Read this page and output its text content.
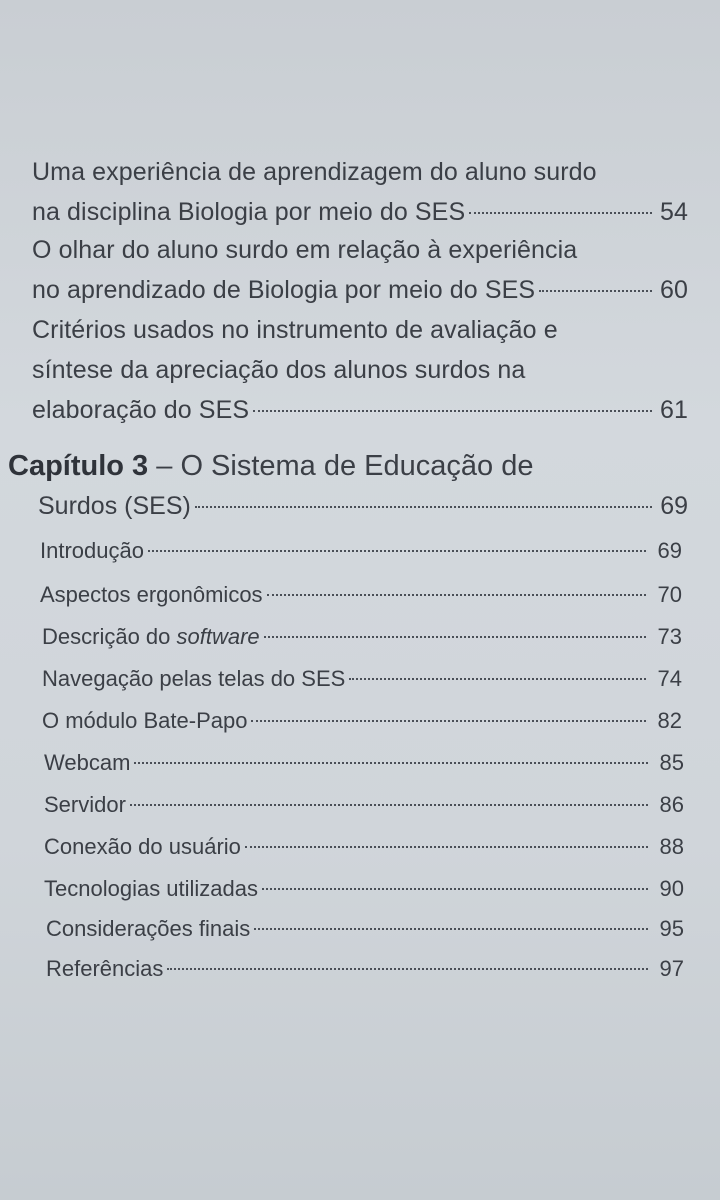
Uma experiência de aprendizagem do aluno surdo
na disciplina Biologia por meio do SES	54
O olhar do aluno surdo em relação à experiência
no aprendizado de Biologia por meio do SES	60
Critérios usados no instrumento de avaliação e
síntese da apreciação dos alunos surdos na
elaboração do SES	61
Capítulo 3 – O Sistema de Educação de
Surdos (SES)	69
Introdução	69
Aspectos ergonômicos	70
Descrição do software	73
Navegação pelas telas do SES	74
O módulo Bate-Papo	82
Webcam	85
Servidor	86
Conexão do usuário	88
Tecnologias utilizadas	90
Considerações finais	95
Referências	97
